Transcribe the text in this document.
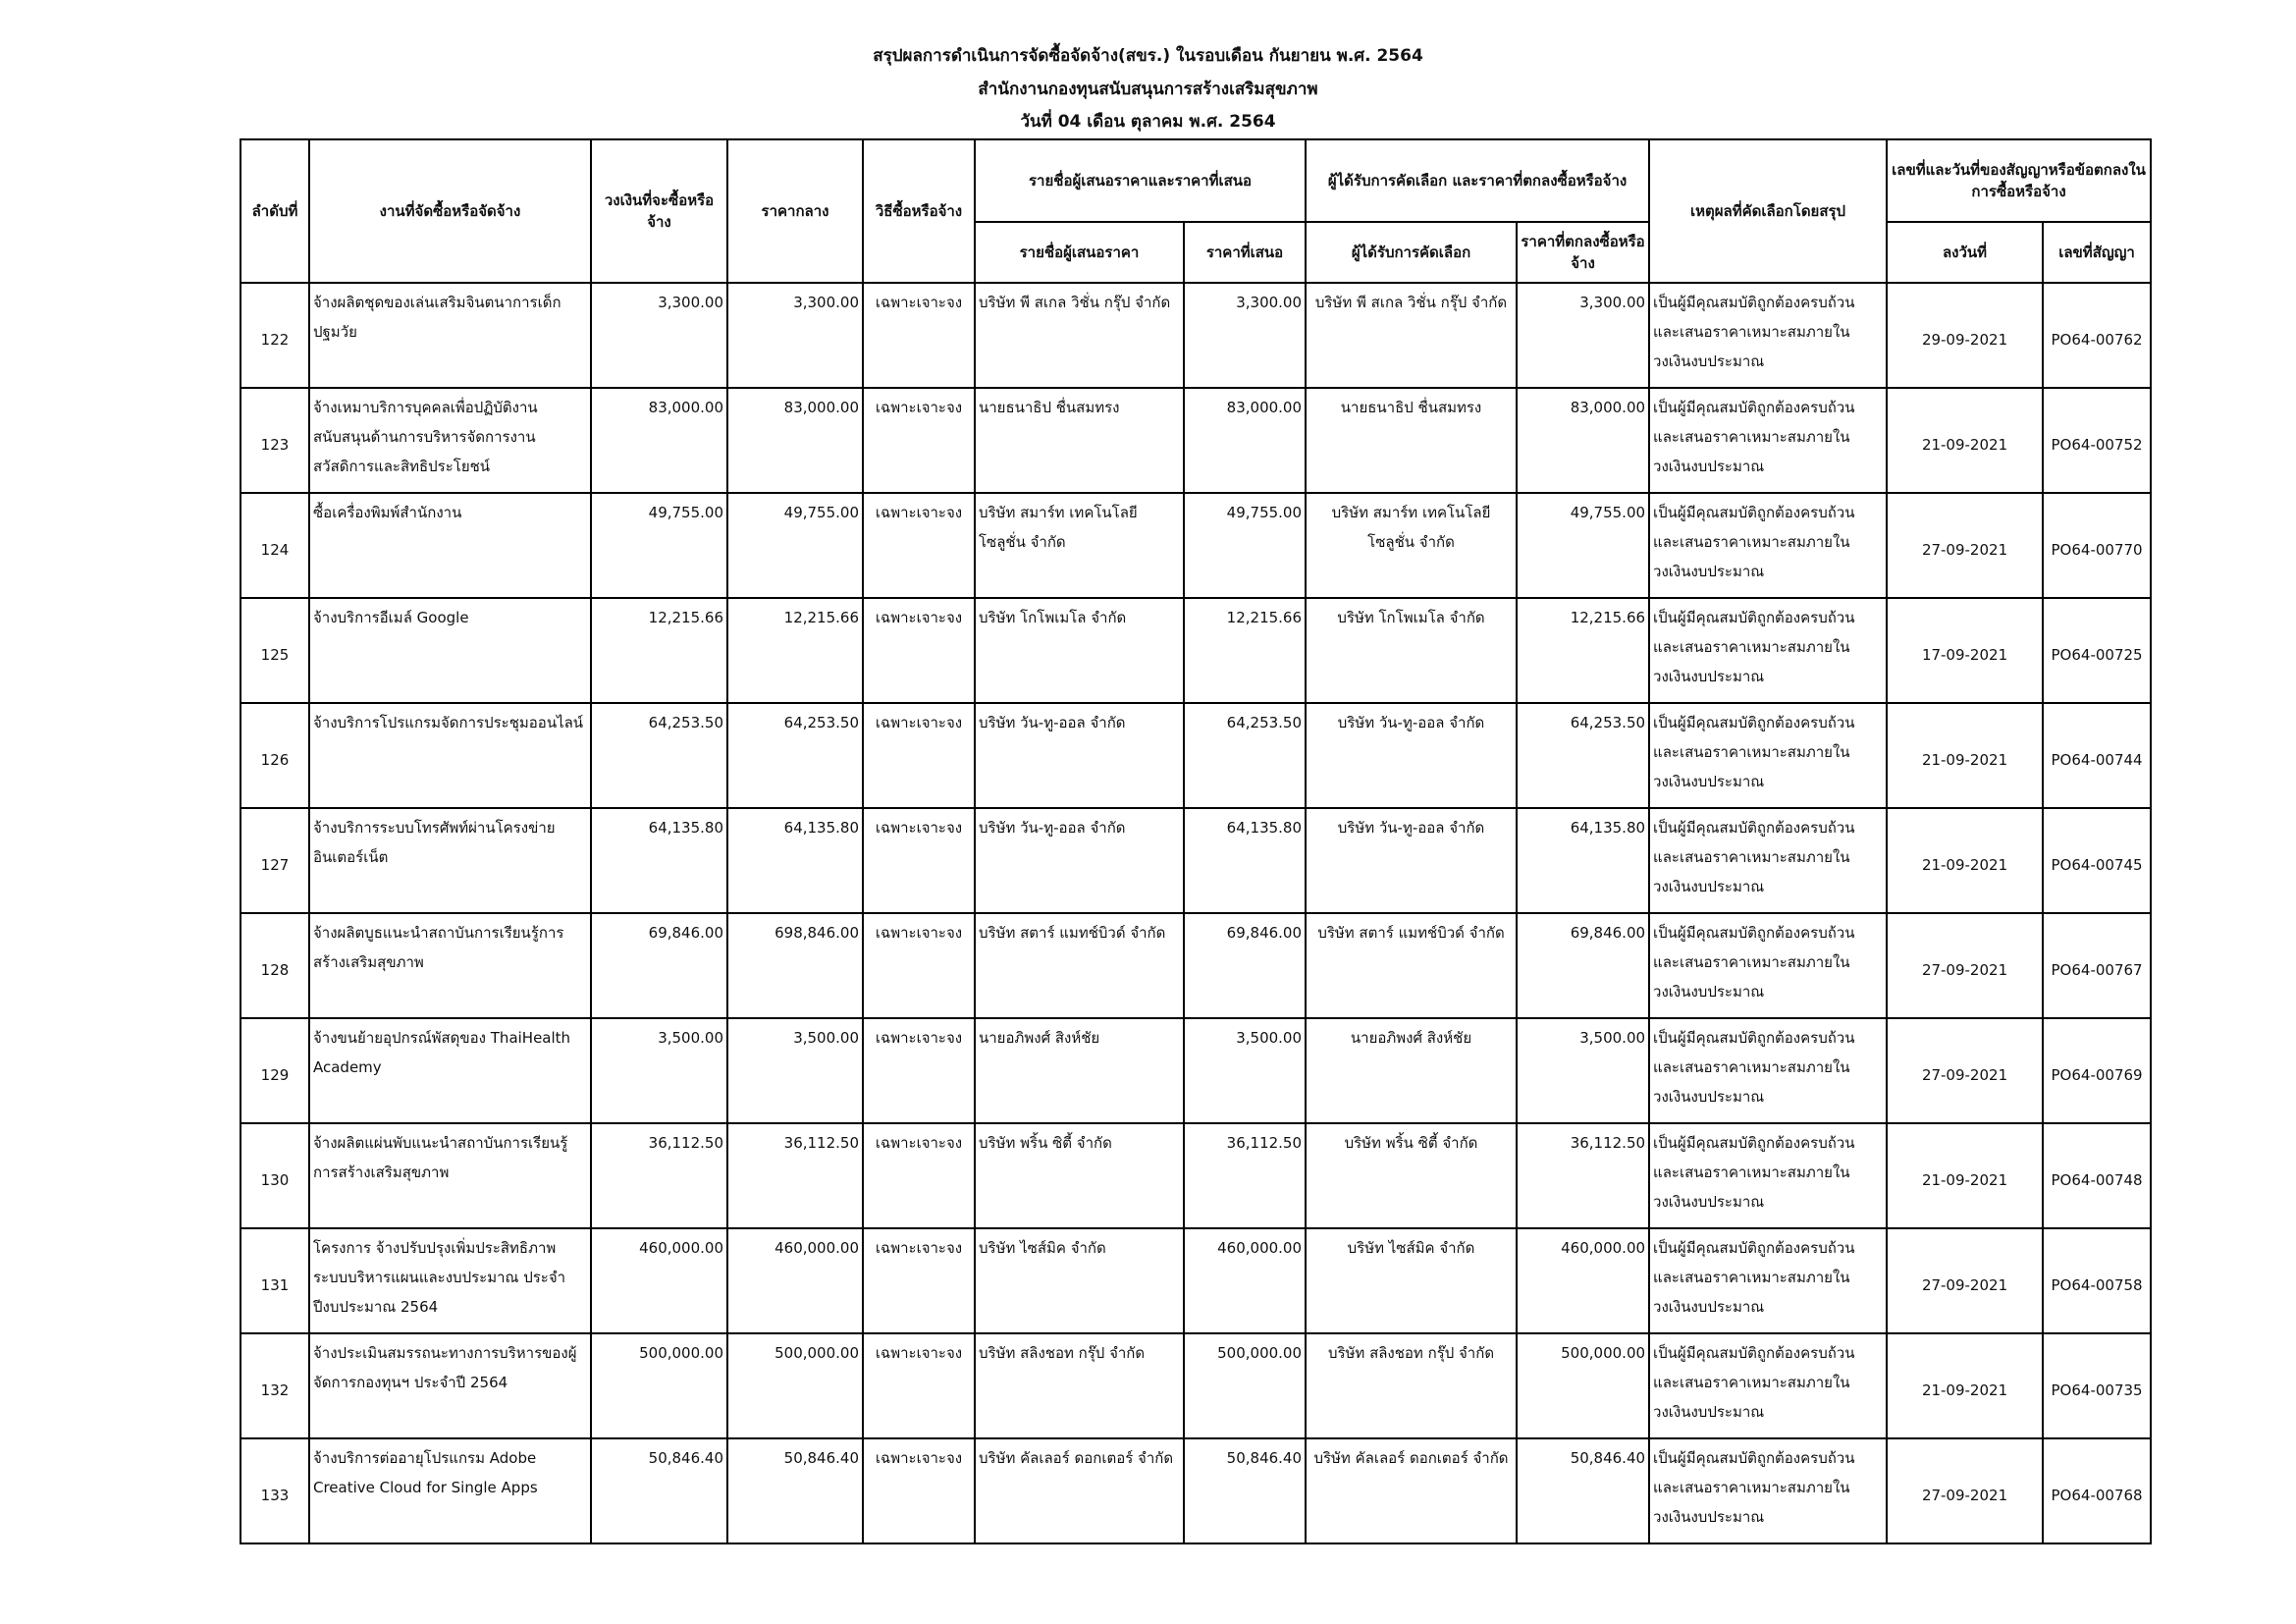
สรุปผลการดำเนินการจัดซื้อจัดจ้าง(สขร.) ในรอบเดือน กันยายน พ.ศ. 2564
สำนักงานกองทุนสนับสนุนการสร้างเสริมสุขภาพ
วันที่ 04 เดือน ตุลาคม พ.ศ. 2564
ลำดับที่	งานที่จัดซื้อหรือจัดจ้าง	วงเงินที่จะซื้อหรือจ้าง	ราคากลาง	วิธีซื้อหรือจ้าง	รายชื่อผู้เสนอราคาและราคาที่เสนอ		ผู้ได้รับการคัดเลือก และราคาที่ตกลงซื้อหรือจ้าง		เหตุผลที่คัดเลือกโดยสรุป	เลขที่และวันที่ของสัญญาหรือข้อตกลงในการซื้อหรือจ้าง	
					รายชื่อผู้เสนอราคา	ราคาที่เสนอ	ผู้ได้รับการคัดเลือก	ราคาที่ตกลงซื้อหรือจ้าง		ลงวันที่	เลขที่สัญญา
122	จ้างผลิตชุดของเล่นเสริมจินตนาการเด็กปฐมวัย	3,300.00	3,300.00	เฉพาะเจาะจง	บริษัท พี สเกล วิชั่น กรุ๊ป จำกัด	3,300.00	บริษัท พี สเกล วิชั่น กรุ๊ป จำกัด	3,300.00	เป็นผู้มีคุณสมบัติถูกต้องครบถ้วน และเสนอราคาเหมาะสมภายในวงเงินงบประมาณ	29-09-2021	PO64-00762
123	จ้างเหมาบริการบุคคลเพื่อปฏิบัติงานสนับสนุนด้านการบริหารจัดการงานสวัสดิการและสิทธิประโยชน์	83,000.00	83,000.00	เฉพาะเจาะจง	นายธนาธิป ชื่นสมทรง	83,000.00	นายธนาธิป ชื่นสมทรง	83,000.00	เป็นผู้มีคุณสมบัติถูกต้องครบถ้วน และเสนอราคาเหมาะสมภายในวงเงินงบประมาณ	21-09-2021	PO64-00752
124	ซื้อเครื่องพิมพ์สำนักงาน	49,755.00	49,755.00	เฉพาะเจาะจง	บริษัท สมาร์ท เทคโนโลยี โซลูชั่น จำกัด	49,755.00	บริษัท สมาร์ท เทคโนโลยี โซลูชั่น จำกัด	49,755.00	เป็นผู้มีคุณสมบัติถูกต้องครบถ้วน และเสนอราคาเหมาะสมภายในวงเงินงบประมาณ	27-09-2021	PO64-00770
125	จ้างบริการอีเมล์ Google	12,215.66	12,215.66	เฉพาะเจาะจง	บริษัท โกโพเมโล จำกัด	12,215.66	บริษัท โกโพเมโล จำกัด	12,215.66	เป็นผู้มีคุณสมบัติถูกต้องครบถ้วน และเสนอราคาเหมาะสมภายในวงเงินงบประมาณ	17-09-2021	PO64-00725
126	จ้างบริการโปรแกรมจัดการประชุมออนไลน์	64,253.50	64,253.50	เฉพาะเจาะจง	บริษัท วัน-ทู-ออล จำกัด	64,253.50	บริษัท วัน-ทู-ออล จำกัด	64,253.50	เป็นผู้มีคุณสมบัติถูกต้องครบถ้วน และเสนอราคาเหมาะสมภายในวงเงินงบประมาณ	21-09-2021	PO64-00744
127	จ้างบริการระบบโทรศัพท์ผ่านโครงข่ายอินเตอร์เน็ต	64,135.80	64,135.80	เฉพาะเจาะจง	บริษัท วัน-ทู-ออล จำกัด	64,135.80	บริษัท วัน-ทู-ออล จำกัด	64,135.80	เป็นผู้มีคุณสมบัติถูกต้องครบถ้วน และเสนอราคาเหมาะสมภายในวงเงินงบประมาณ	21-09-2021	PO64-00745
128	จ้างผลิตบูธแนะนำสถาบันการเรียนรู้การสร้างเสริมสุขภาพ	69,846.00	698,846.00	เฉพาะเจาะจง	บริษัท สตาร์ แมทช์บิวด์ จำกัด	69,846.00	บริษัท สตาร์ แมทช์บิวด์ จำกัด	69,846.00	เป็นผู้มีคุณสมบัติถูกต้องครบถ้วน และเสนอราคาเหมาะสมภายในวงเงินงบประมาณ	27-09-2021	PO64-00767
129	จ้างขนย้ายอุปกรณ์พัสดุของ ThaiHealth Academy	3,500.00	3,500.00	เฉพาะเจาะจง	นายอภิพงศ์ สิงห์ชัย	3,500.00	นายอภิพงศ์ สิงห์ชัย	3,500.00	เป็นผู้มีคุณสมบัติถูกต้องครบถ้วน และเสนอราคาเหมาะสมภายในวงเงินงบประมาณ	27-09-2021	PO64-00769
130	จ้างผลิตแผ่นพับแนะนำสถาบันการเรียนรู้การสร้างเสริมสุขภาพ	36,112.50	36,112.50	เฉพาะเจาะจง	บริษัท พริ้น ซิตี้ จำกัด	36,112.50	บริษัท พริ้น ซิตี้ จำกัด	36,112.50	เป็นผู้มีคุณสมบัติถูกต้องครบถ้วน และเสนอราคาเหมาะสมภายในวงเงินงบประมาณ	21-09-2021	PO64-00748
131	โครงการ จ้างปรับปรุงเพิ่มประสิทธิภาพระบบบริหารแผนและงบประมาณ ประจำปีงบประมาณ 2564	460,000.00	460,000.00	เฉพาะเจาะจง	บริษัท ไซส์มิค จำกัด	460,000.00	บริษัท ไซส์มิค จำกัด	460,000.00	เป็นผู้มีคุณสมบัติถูกต้องครบถ้วน และเสนอราคาเหมาะสมภายในวงเงินงบประมาณ	27-09-2021	PO64-00758
132	จ้างประเมินสมรรถนะทางการบริหารของผู้จัดการกองทุนฯ ประจำปี 2564	500,000.00	500,000.00	เฉพาะเจาะจง	บริษัท สลิงชอท กรุ๊ป จำกัด	500,000.00	บริษัท สลิงชอท กรุ๊ป จำกัด	500,000.00	เป็นผู้มีคุณสมบัติถูกต้องครบถ้วน และเสนอราคาเหมาะสมภายในวงเงินงบประมาณ	21-09-2021	PO64-00735
133	จ้างบริการต่ออายุโปรแกรม Adobe Creative Cloud for Single Apps	50,846.40	50,846.40	เฉพาะเจาะจง	บริษัท คัลเลอร์ ดอกเตอร์ จำกัด	50,846.40	บริษัท คัลเลอร์ ดอกเตอร์ จำกัด	50,846.40	เป็นผู้มีคุณสมบัติถูกต้องครบถ้วน และเสนอราคาเหมาะสมภายในวงเงินงบประมาณ	27-09-2021	PO64-00768
